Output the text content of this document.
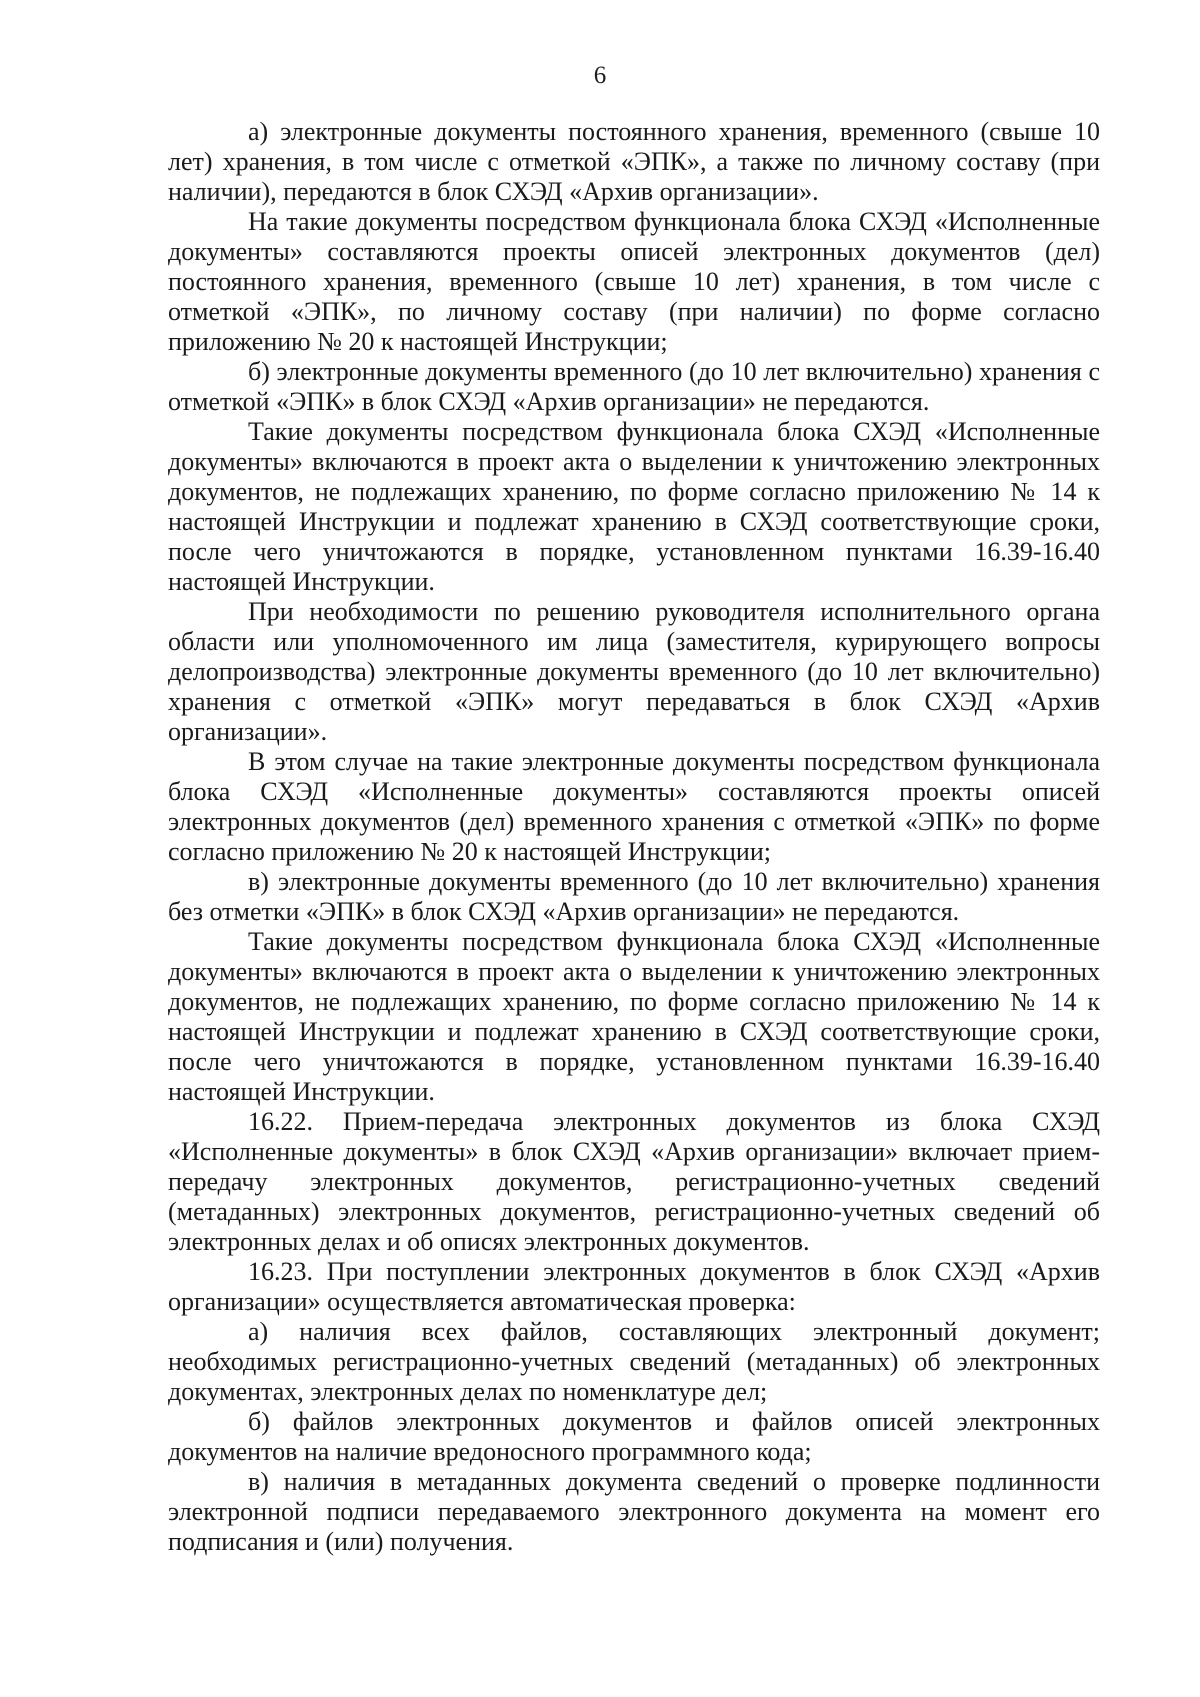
6

а) электронные документы постоянного хранения, временного (свыше 10 лет) хранения, в том числе с отметкой «ЭПК», а также по личному составу (при наличии), передаются в блок СХЭД «Архив организации».

На такие документы посредством функционала блока СХЭД «Исполненные документы» составляются проекты описей электронных документов (дел) постоянного хранения, временного (свыше 10 лет) хранения, в том числе с отметкой «ЭПК», по личному составу (при наличии) по форме согласно приложению № 20 к настоящей Инструкции;

б) электронные документы временного (до 10 лет включительно) хранения с отметкой «ЭПК» в блок СХЭД «Архив организации» не передаются.

Такие документы посредством функционала блока СХЭД «Исполненные документы» включаются в проект акта о выделении к уничтожению электронных документов, не подлежащих хранению, по форме согласно приложению № 14 к настоящей Инструкции и подлежат хранению в СХЭД соответствующие сроки, после чего уничтожаются в порядке, установленном пунктами 16.39-16.40 настоящей Инструкции.

При необходимости по решению руководителя исполнительного органа области или уполномоченного им лица (заместителя, курирующего вопросы делопроизводства) электронные документы временного (до 10 лет включительно) хранения с отметкой «ЭПК» могут передаваться в блок СХЭД «Архив организации».

В этом случае на такие электронные документы посредством функционала блока СХЭД «Исполненные документы» составляются проекты описей электронных документов (дел) временного хранения с отметкой «ЭПК» по форме согласно приложению № 20 к настоящей Инструкции;

в) электронные документы временного (до 10 лет включительно) хранения без отметки «ЭПК» в блок СХЭД «Архив организации» не передаются.

Такие документы посредством функционала блока СХЭД «Исполненные документы» включаются в проект акта о выделении к уничтожению электронных документов, не подлежащих хранению, по форме согласно приложению № 14 к настоящей Инструкции и подлежат хранению в СХЭД соответствующие сроки, после чего уничтожаются в порядке, установленном пунктами 16.39-16.40 настоящей Инструкции.

16.22. Прием-передача электронных документов из блока СХЭД «Исполненные документы» в блок СХЭД «Архив организации» включает прием-передачу электронных документов, регистрационно-учетных сведений (метаданных) электронных документов, регистрационно-учетных сведений об электронных делах и об описях электронных документов.

16.23. При поступлении электронных документов в блок СХЭД «Архив организации» осуществляется автоматическая проверка:

а) наличия всех файлов, составляющих электронный документ; необходимых регистрационно-учетных сведений (метаданных) об электронных документах, электронных делах по номенклатуре дел;

б) файлов электронных документов и файлов описей электронных документов на наличие вредоносного программного кода;

в) наличия в метаданных документа сведений о проверке подлинности электронной подписи передаваемого электронного документа на момент его подписания и (или) получения.
